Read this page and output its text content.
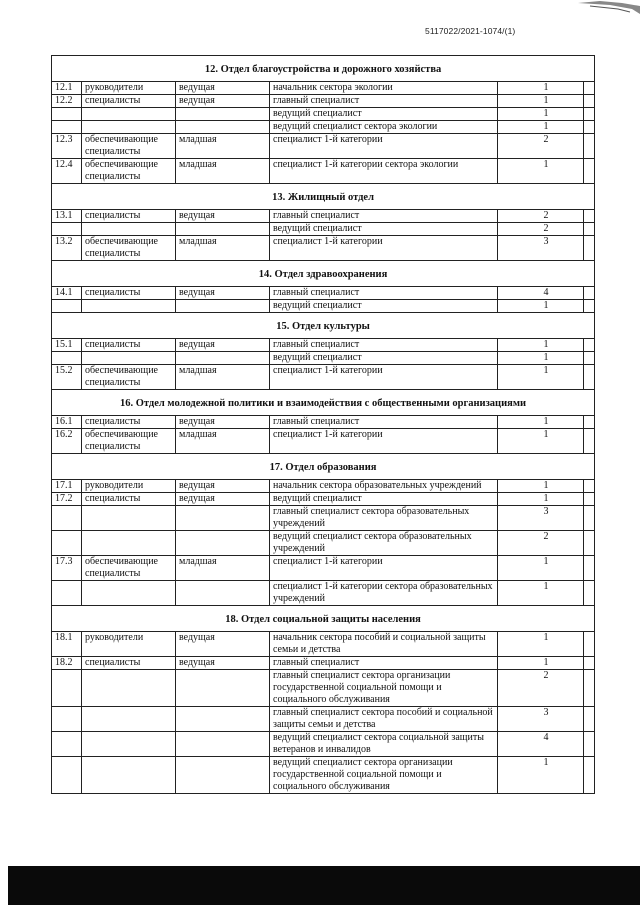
5117022/2021-1074/(1)
12. Отдел благоустройства и дорожного хозяйства					
12.1	руководители	ведущая	начальник сектора экологии	1	
12.2	специалисты	ведущая	главный специалист	1	
			ведущий специалист	1	
			ведущий специалист сектора экологии	1	
12.3	обеспечивающие специалисты	младшая	специалист 1-й категории	2	
12.4	обеспечивающие специалисты	младшая	специалист 1-й категории сектора экологии	1	
13. Жилищный отдел					
13.1	специалисты	ведущая	главный специалист	2	
			ведущий специалист	2	
13.2	обеспечивающие специалисты	младшая	специалист 1-й категории	3	
14. Отдел здравоохранения					
14.1	специалисты	ведущая	главный специалист	4	
			ведущий специалист	1	
15. Отдел культуры					
15.1	специалисты	ведущая	главный специалист	1	
			ведущий специалист	1	
15.2	обеспечивающие специалисты	младшая	специалист 1-й категории	1	
16. Отдел молодежной политики и взаимодействия с общественными организациями					
16.1	специалисты	ведущая	главный специалист	1	
16.2	обеспечивающие специалисты	младшая	специалист 1-й категории	1	
17. Отдел образования					
17.1	руководители	ведущая	начальник сектора образовательных учреждений	1	
17.2	специалисты	ведущая	ведущий специалист	1	
			главный специалист сектора образовательных учреждений	3	
			ведущий специалист сектора образовательных учреждений	2	
17.3	обеспечивающие специалисты	младшая	специалист 1-й категории	1	
			специалист 1-й категории сектора образовательных учреждений	1	
18. Отдел социальной защиты населения					
18.1	руководители	ведущая	начальник сектора пособий и социальной защиты семьи и детства	1	
18.2	специалисты	ведущая	главный специалист	1	
			главный специалист сектора организации государственной социальной помощи и социального обслуживания	2	
			главный специалист сектора пособий и социальной защиты семьи и детства	3	
			ведущий специалист сектора социальной защиты ветеранов и инвалидов	4	
			ведущий специалист сектора организации государственной социальной помощи и социального обслуживания	1	
